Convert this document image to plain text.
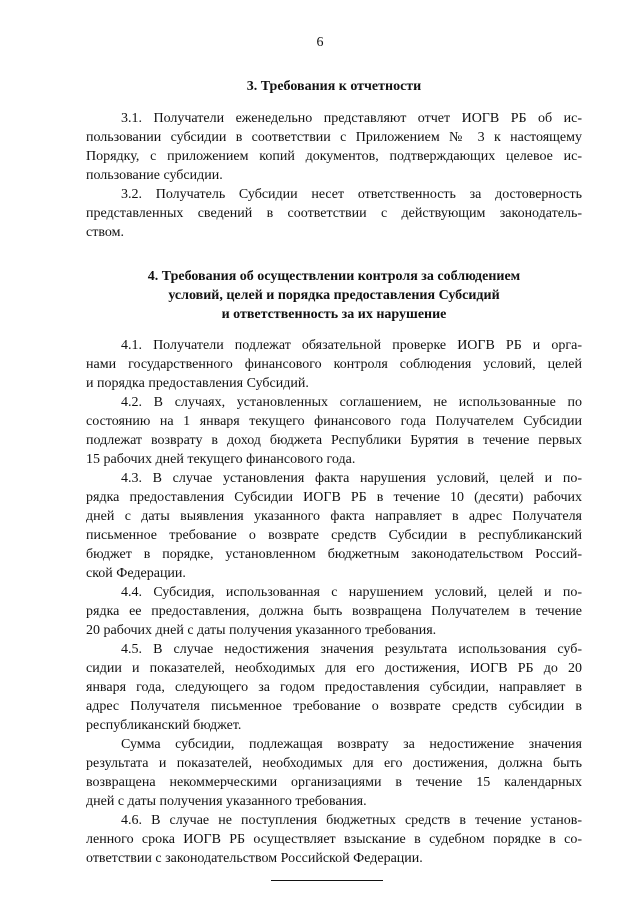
6
3. Требования к отчетности
3.1. Получатели еженедельно представляют отчет ИОГВ РБ об ис-
пользовании субсидии в соответствии с Приложением № 3 к настоящему
Порядку, с приложением копий документов, подтверждающих целевое ис-
пользование субсидии.
3.2. Получатель Субсидии несет ответственность за достоверность
представленных сведений в соответствии с действующим законодатель-
ством.
4. Требования об осуществлении контроля за соблюдением
условий, целей и порядка предоставления Субсидий
и ответственность за их нарушение
4.1. Получатели подлежат обязательной проверке ИОГВ РБ и орга-
нами государственного финансового контроля соблюдения условий, целей
и порядка предоставления Субсидий.
4.2. В случаях, установленных соглашением, не использованные по
состоянию на 1 января текущего финансового года Получателем Субсидии
подлежат возврату в доход бюджета Республики Бурятия в течение первых
15 рабочих дней текущего финансового года.
4.3. В случае установления факта нарушения условий, целей и по-
рядка предоставления Субсидии ИОГВ РБ в течение 10 (десяти) рабочих
дней с даты выявления указанного факта направляет в адрес Получателя
письменное требование о возврате средств Субсидии в республиканский
бюджет в порядке, установленном бюджетным законодательством Россий-
ской Федерации.
4.4. Субсидия, использованная с нарушением условий, целей и по-
рядка ее предоставления, должна быть возвращена Получателем в течение
20 рабочих дней с даты получения указанного требования.
4.5. В случае недостижения значения результата использования суб-
сидии и показателей, необходимых для его достижения, ИОГВ РБ до 20
января года, следующего за годом предоставления субсидии, направляет в
адрес Получателя письменное требование о возврате средств субсидии в
республиканский бюджет.
Сумма субсидии, подлежащая возврату за недостижение значения
результата и показателей, необходимых для его достижения, должна быть
возвращена некоммерческими организациями в течение 15 календарных
дней с даты получения указанного требования.
4.6. В случае не поступления бюджетных средств в течение установ-
ленного срока ИОГВ РБ осуществляет взыскание в судебном порядке в со-
ответствии с законодательством Российской Федерации.
